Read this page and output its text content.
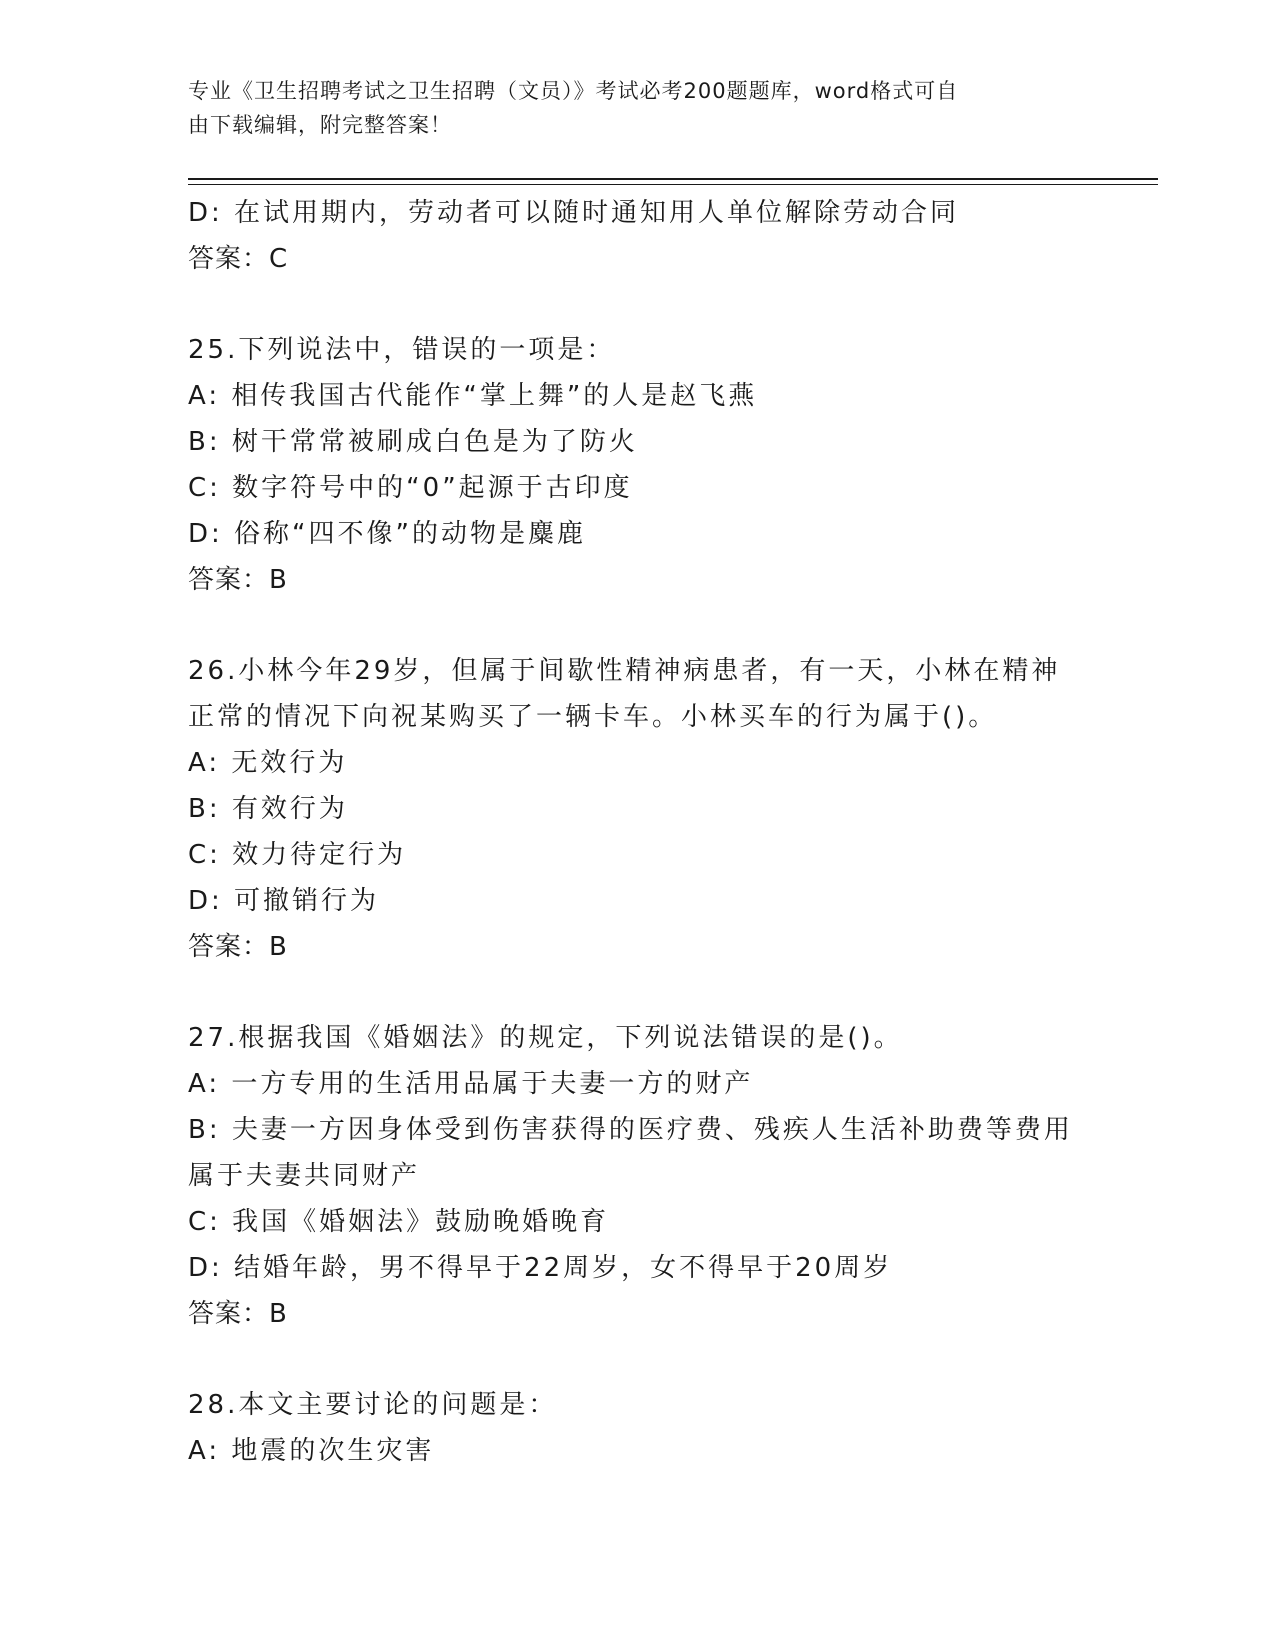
专业《卫生招聘考试之卫生招聘（文员）》考试必考200题题库，word格式可自
由下载编辑，附完整答案！
D: 在试用期内，劳动者可以随时通知用人单位解除劳动合同
答案：C
25.下列说法中，错误的一项是：
A: 相传我国古代能作“掌上舞”的人是赵飞燕
B: 树干常常被刷成白色是为了防火
C: 数字符号中的“0”起源于古印度
D: 俗称“四不像”的动物是麋鹿
答案：B
26.小林今年29岁，但属于间歇性精神病患者，有一天，小林在精神
正常的情况下向祝某购买了一辆卡车。小林买车的行为属于()。
A: 无效行为
B: 有效行为
C: 效力待定行为
D: 可撤销行为
答案：B
27.根据我国《婚姻法》的规定，下列说法错误的是()。
A: 一方专用的生活用品属于夫妻一方的财产
B: 夫妻一方因身体受到伤害获得的医疗费、残疾人生活补助费等费用
属于夫妻共同财产
C: 我国《婚姻法》鼓励晚婚晚育
D: 结婚年龄，男不得早于22周岁，女不得早于20周岁
答案：B
28.本文主要讨论的问题是：
A: 地震的次生灾害
